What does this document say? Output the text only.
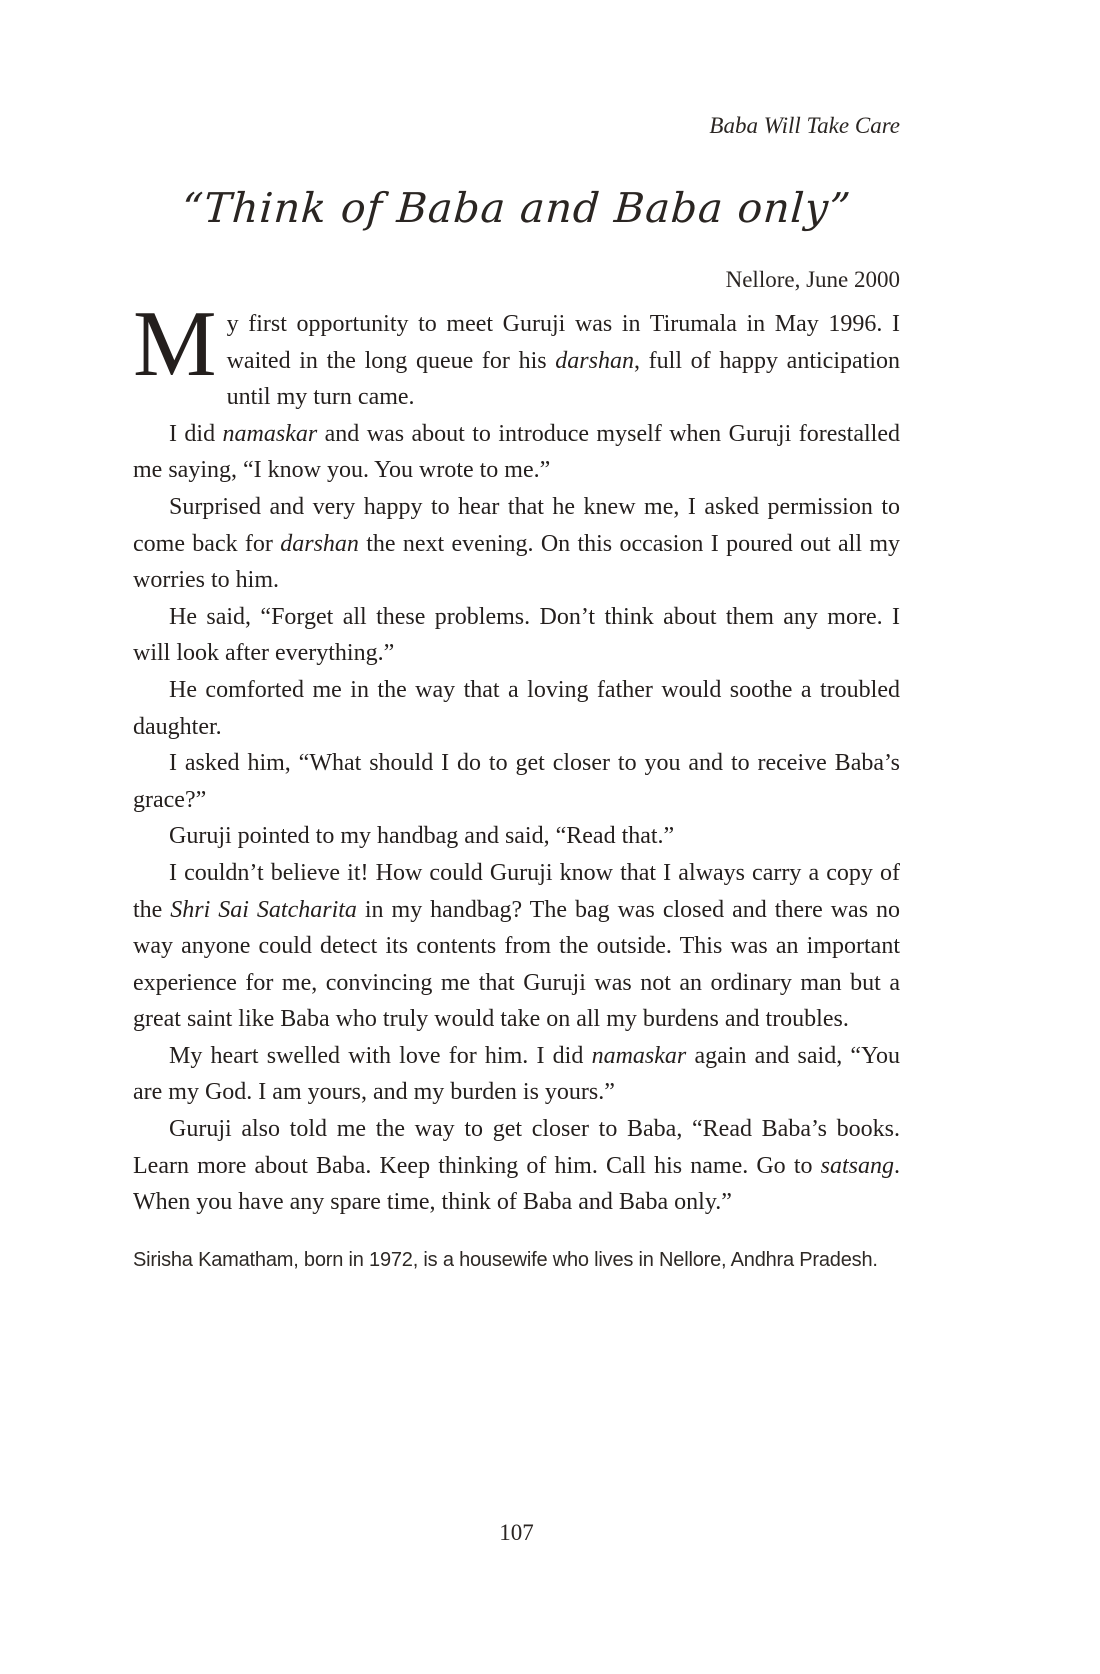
Baba Will Take Care
“Think of Baba and Baba only”
Nellore, June 2000

My first opportunity to meet Guruji was in Tirumala in May 1996. I waited in the long queue for his darshan, full of happy anticipation until my turn came.

I did namaskar and was about to introduce myself when Guruji forestalled me saying, “I know you. You wrote to me.”

Surprised and very happy to hear that he knew me, I asked permission to come back for darshan the next evening. On this occasion I poured out all my worries to him.

He said, “Forget all these problems. Don’t think about them any more. I will look after everything.”

He comforted me in the way that a loving father would soothe a troubled daughter.

I asked him, “What should I do to get closer to you and to receive Baba’s grace?”

Guruji pointed to my handbag and said, “Read that.”

I couldn’t believe it! How could Guruji know that I always carry a copy of the Shri Sai Satcharita in my handbag? The bag was closed and there was no way anyone could detect its contents from the outside. This was an important experience for me, convincing me that Guruji was not an ordinary man but a great saint like Baba who truly would take on all my burdens and troubles.

My heart swelled with love for him. I did namaskar again and said, “You are my God. I am yours, and my burden is yours.”

Guruji also told me the way to get closer to Baba, “Read Baba’s books. Learn more about Baba. Keep thinking of him. Call his name. Go to satsang. When you have any spare time, think of Baba and Baba only.”

Sirisha Kamatham, born in 1972, is a housewife who lives in Nellore, Andhra Pradesh.
107
